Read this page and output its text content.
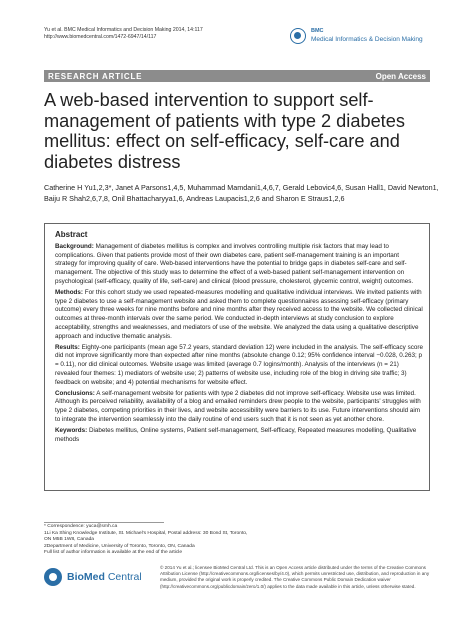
Yu et al. BMC Medical Informatics and Decision Making 2014, 14:117
http://www.biomedcentral.com/1472-6947/14/117
BMC
Medical Informatics & Decision Making
RESEARCH ARTICLE	Open Access
A web-based intervention to support self-management of patients with type 2 diabetes mellitus: effect on self-efficacy, self-care and diabetes distress
Catherine H Yu1,2,3*, Janet A Parsons1,4,5, Muhammad Mamdani1,4,6,7, Gerald Lebovic4,6, Susan Hall1, David Newton1, Baiju R Shah2,6,7,8, Onil Bhattacharyya1,6, Andreas Laupacis1,2,6 and Sharon E Straus1,2,6
Abstract

Background: Management of diabetes mellitus is complex and involves controlling multiple risk factors that may lead to complications. Given that patients provide most of their own diabetes care, patient self-management training is an important strategy for improving quality of care. Web-based interventions have the potential to bridge gaps in diabetes self-care and self-management. The objective of this study was to determine the effect of a web-based patient self-management intervention on psychological (self-efficacy, quality of life, self-care) and clinical (blood pressure, cholesterol, glycemic control, weight) outcomes.

Methods: For this cohort study we used repeated-measures modelling and qualitative individual interviews. We invited patients with type 2 diabetes to use a self-management website and asked them to complete questionnaires assessing self-efficacy (primary outcome) every three weeks for nine months before and nine months after they received access to the website. We collected clinical outcomes at three-month intervals over the same period. We conducted in-depth interviews at study conclusion to explore acceptability, strengths and weaknesses, and mediators of use of the website. We analyzed the data using a qualitative descriptive approach and inductive thematic analysis.

Results: Eighty-one participants (mean age 57.2 years, standard deviation 12) were included in the analysis. The self-efficacy score did not improve significantly more than expected after nine months (absolute change 0.12; 95% confidence interval −0.028, 0.263; p = 0.11), nor did clinical outcomes. Website usage was limited (average 0.7 logins/month). Analysis of the interviews (n = 21) revealed four themes: 1) mediators of website use; 2) patterns of website use, including role of the blog in driving site traffic; 3) feedback on website; and 4) potential mechanisms for website effect.

Conclusions: A self-management website for patients with type 2 diabetes did not improve self-efficacy. Website use was limited. Although its perceived reliability, availability of a blog and emailed reminders drew people to the website, participants' struggles with type 2 diabetes, competing priorities in their lives, and website accessibility were barriers to its use. Future interventions should aim to integrate the intervention seamlessly into the daily routine of end users such that it is not seen as yet another chore.

Keywords: Diabetes mellitus, Online systems, Patient self-management, Self-efficacy, Repeated measures modelling, Qualitative methods

* Correspondence: yuca@smh.ca
1Li Ka Shing Knowledge Institute, St. Michael's Hospital, Postal address: 30 Bond St, Toronto, ON M5B 1W8, Canada
2Department of Medicine, University of Toronto, Toronto, ON, Canada
Full list of author information is available at the end of the article
BioMed Central
© 2014 Yu et al.; licensee BioMed Central Ltd. This is an Open Access article distributed under the terms of the Creative Commons Attribution License (http://creativecommons.org/licenses/by/4.0), which permits unrestricted use, distribution, and reproduction in any medium, provided the original work is properly credited. The Creative Commons Public Domain Dedication waiver (http://creativecommons.org/publicdomain/zero/1.0/) applies to the data made available in this article, unless otherwise stated.
